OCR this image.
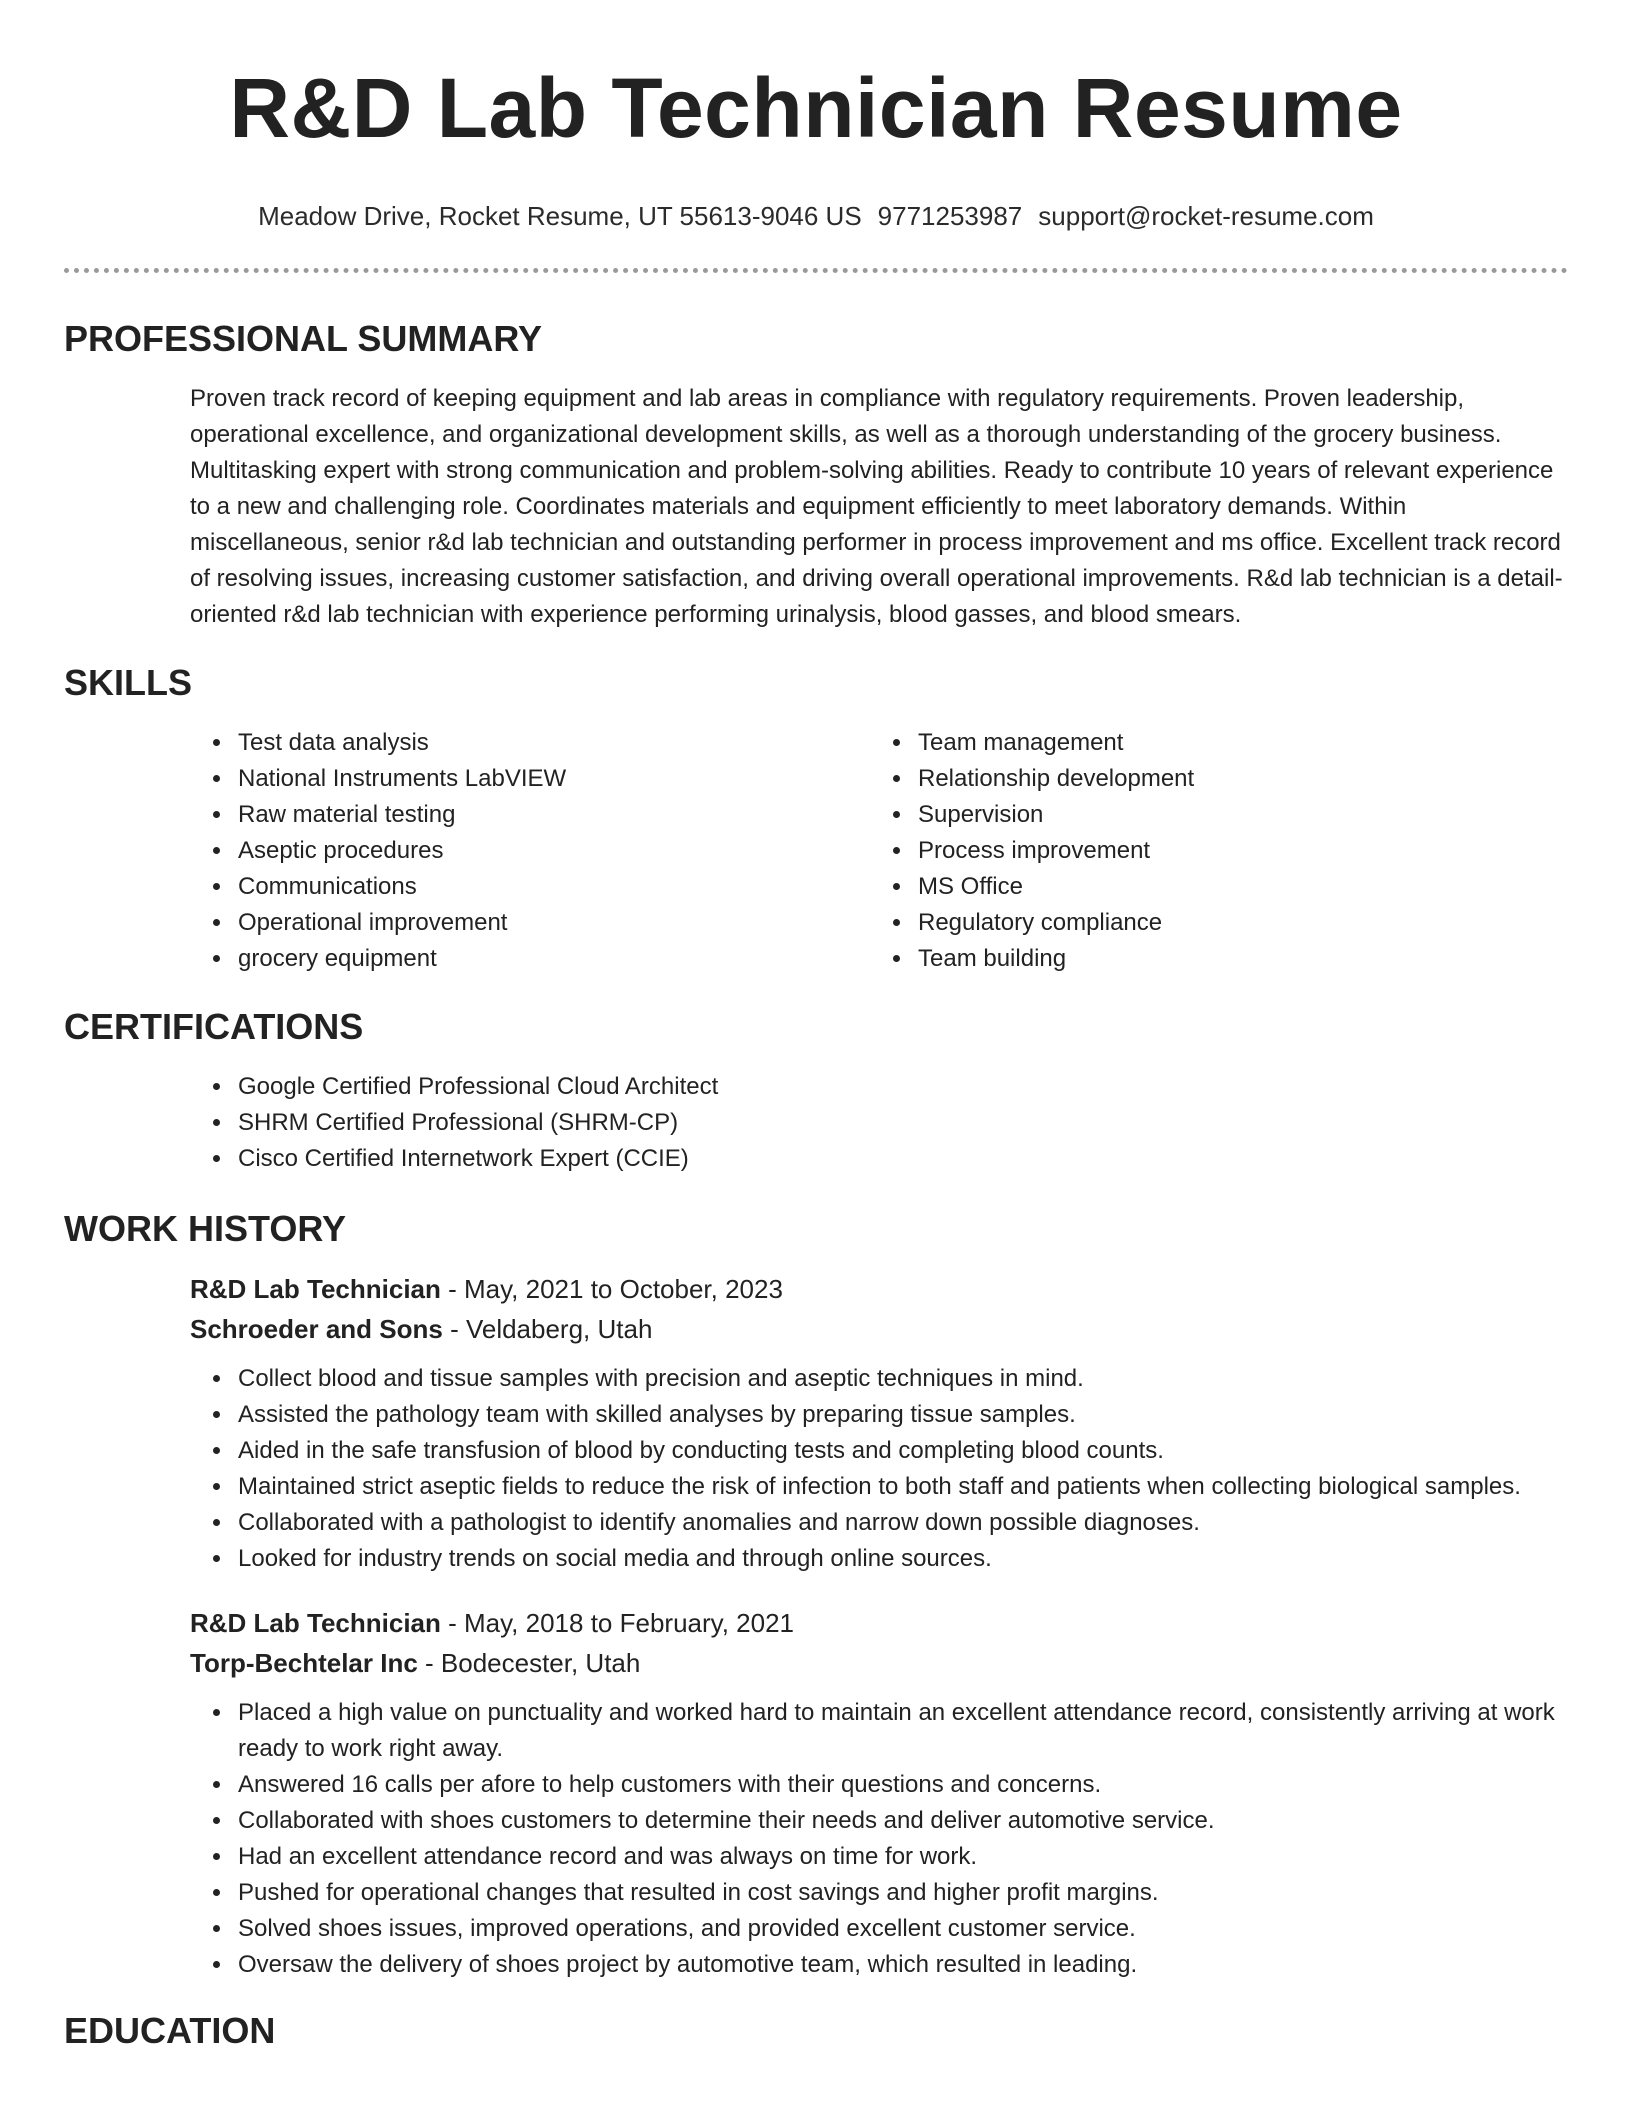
R&D Lab Technician Resume
Meadow Drive, Rocket Resume, UT 55613-9046 US 9771253987 support@rocket-resume.com
PROFESSIONAL SUMMARY
Proven track record of keeping equipment and lab areas in compliance with regulatory requirements. Proven leadership, operational excellence, and organizational development skills, as well as a thorough understanding of the grocery business. Multitasking expert with strong communication and problem-solving abilities. Ready to contribute 10 years of relevant experience to a new and challenging role. Coordinates materials and equipment efficiently to meet laboratory demands. Within miscellaneous, senior r&d lab technician and outstanding performer in process improvement and ms office. Excellent track record of resolving issues, increasing customer satisfaction, and driving overall operational improvements. R&d lab technician is a detail-oriented r&d lab technician with experience performing urinalysis, blood gasses, and blood smears.
SKILLS
• Test data analysis
• National Instruments LabVIEW
• Raw material testing
• Aseptic procedures
• Communications
• Operational improvement
• grocery equipment
• Team management
• Relationship development
• Supervision
• Process improvement
• MS Office
• Regulatory compliance
• Team building
CERTIFICATIONS
• Google Certified Professional Cloud Architect
• SHRM Certified Professional (SHRM-CP)
• Cisco Certified Internetwork Expert (CCIE)
WORK HISTORY
R&D Lab Technician - May, 2021 to October, 2023
Schroeder and Sons - Veldaberg, Utah
• Collect blood and tissue samples with precision and aseptic techniques in mind.
• Assisted the pathology team with skilled analyses by preparing tissue samples.
• Aided in the safe transfusion of blood by conducting tests and completing blood counts.
• Maintained strict aseptic fields to reduce the risk of infection to both staff and patients when collecting biological samples.
• Collaborated with a pathologist to identify anomalies and narrow down possible diagnoses.
• Looked for industry trends on social media and through online sources.
R&D Lab Technician - May, 2018 to February, 2021
Torp-Bechtelar Inc - Bodecester, Utah
• Placed a high value on punctuality and worked hard to maintain an excellent attendance record, consistently arriving at work ready to work right away.
• Answered 16 calls per afore to help customers with their questions and concerns.
• Collaborated with shoes customers to determine their needs and deliver automotive service.
• Had an excellent attendance record and was always on time for work.
• Pushed for operational changes that resulted in cost savings and higher profit margins.
• Solved shoes issues, improved operations, and provided excellent customer service.
• Oversaw the delivery of shoes project by automotive team, which resulted in leading.
EDUCATION
